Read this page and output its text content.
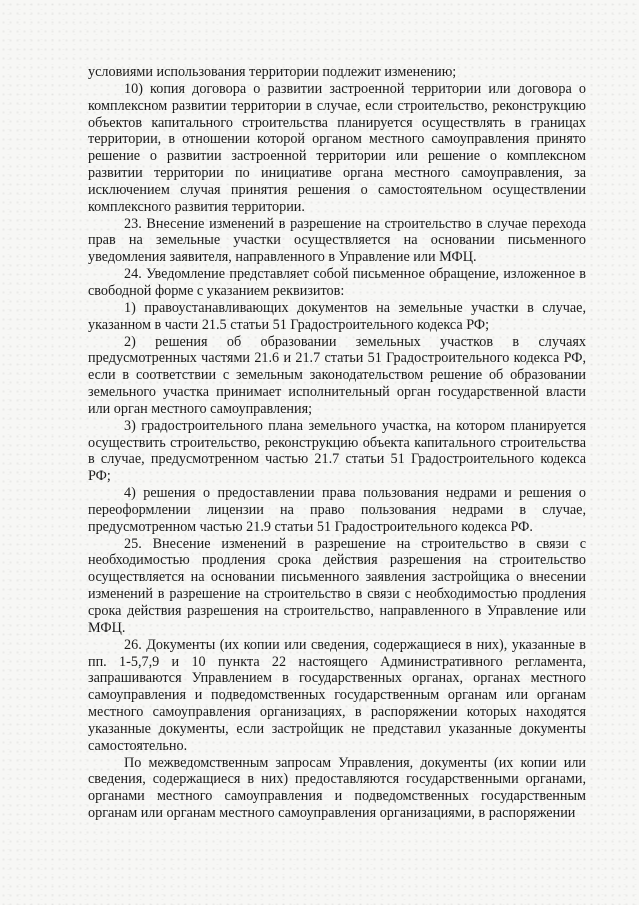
условиями использования территории подлежит изменению;

10) копия договора о развитии застроенной территории или договора о комплексном развитии территории в случае, если строительство, реконструкцию объектов капитального строительства планируется осуществлять в границах территории, в отношении которой органом местного самоуправления принято решение о развитии застроенной территории или решение о комплексном развитии территории по инициативе органа местного самоуправления, за исключением случая принятия решения о самостоятельном осуществлении комплексного развития территории.

23. Внесение изменений в разрешение на строительство в случае перехода прав на земельные участки осуществляется на основании письменного уведомления заявителя, направленного в Управление или МФЦ.

24. Уведомление представляет собой письменное обращение, изложенное в свободной форме с указанием реквизитов:

1) правоустанавливающих документов на земельные участки в случае, указанном в части 21.5 статьи 51 Градостроительного кодекса РФ;

2) решения об образовании земельных участков в случаях предусмотренных частями 21.6 и 21.7 статьи 51 Градостроительного кодекса РФ, если в соответствии с земельным законодательством решение об образовании земельного участка принимает исполнительный орган государственной власти или орган местного самоуправления;

3) градостроительного плана земельного участка, на котором планируется осуществить строительство, реконструкцию объекта капитального строительства в случае, предусмотренном частью 21.7 статьи 51 Градостроительного кодекса РФ;

4) решения о предоставлении права пользования недрами и решения о переоформлении лицензии на право пользования недрами в случае, предусмотренном частью 21.9 статьи 51 Градостроительного кодекса РФ.

25. Внесение изменений в разрешение на строительство в связи с необходимостью продления срока действия разрешения на строительство осуществляется на основании письменного заявления застройщика о внесении изменений в разрешение на строительство в связи с необходимостью продления срока действия разрешения на строительство, направленного в Управление или МФЦ.

26. Документы (их копии или сведения, содержащиеся в них), указанные в пп. 1-5,7,9 и 10 пункта 22 настоящего Административного регламента, запрашиваются Управлением в государственных органах, органах местного самоуправления и подведомственных государственным органам или органам местного самоуправления организациях, в распоряжении которых находятся указанные документы, если застройщик не представил указанные документы самостоятельно.

По межведомственным запросам Управления, документы (их копии или сведения, содержащиеся в них) предоставляются государственными органами, органами местного самоуправления и подведомственных государственным органам или органам местного самоуправления организациями, в распоряжении
